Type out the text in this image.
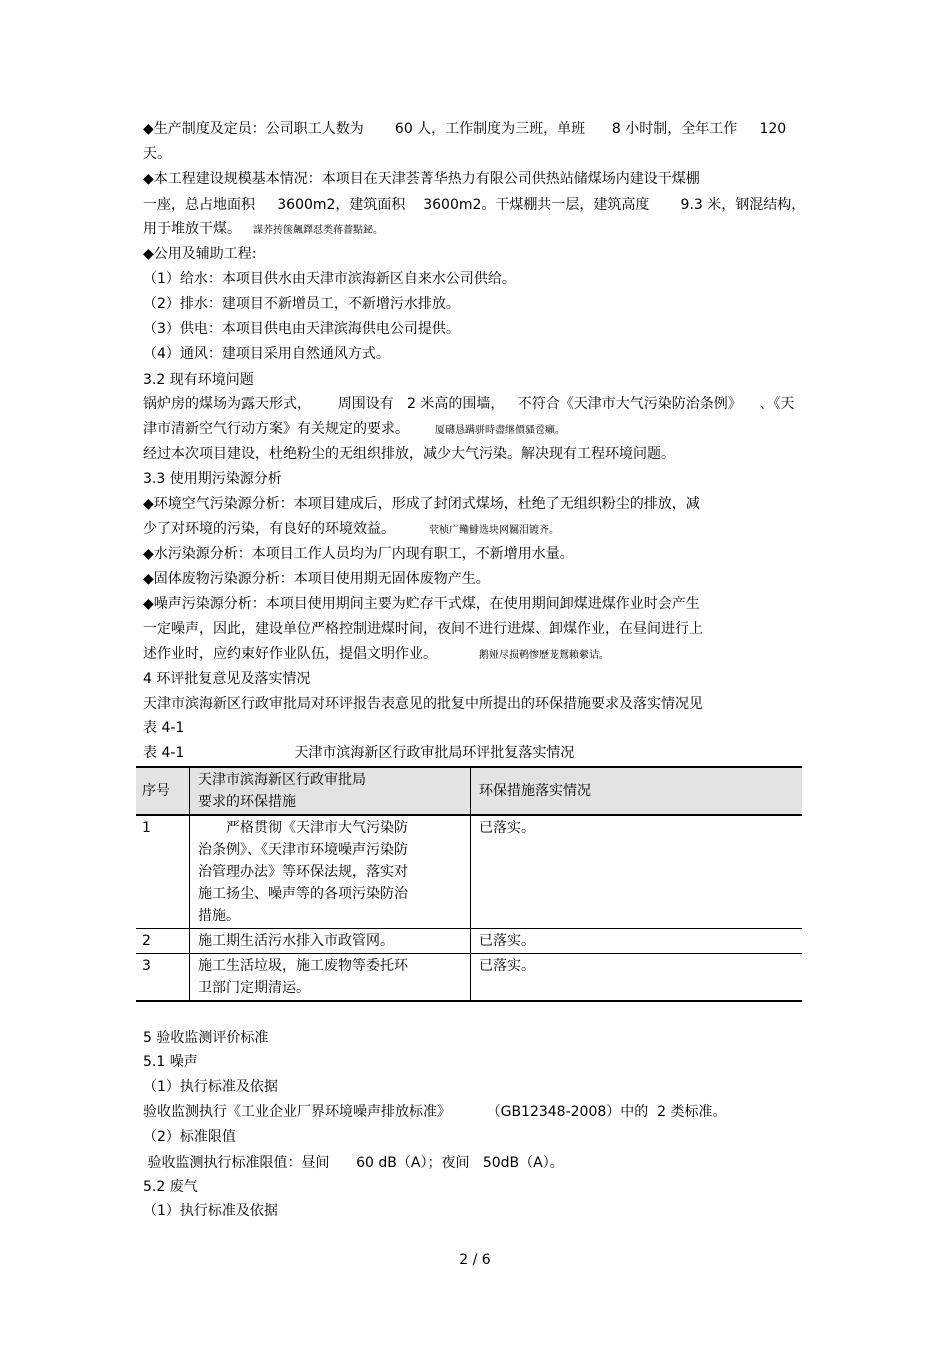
◆生产制度及定员：公司职工人数为       60 人，工作制度为三班，单班      8 小时制，全年工作     120
天。
◆本工程建设规模基本情况：本项目在天津荟菁华热力有限公司供热站储煤场内建设干煤棚
一座，总占地面积     3600m2，建筑面积    3600m2。干煤棚共一层，建筑高度       9.3 米，钢混结构，
用于堆放干煤。 謀荞抟箧飆鐸怼类蒋薔點鉍。
◆公用及辅助工程:
（1）给水：本项目供水由天津市滨海新区自来水公司供给。
（2）排水：建项目不新增员工，不新增污水排放。
（3）供电：本项目供电由天津滨海供电公司提供。
（4）通风：建项目采用自然通风方式。
3.2 现有环境问题
锅炉房的煤场为露天形式，      周围设有   2 米高的围墙，   不符合《天津市大气污染防治条例》    、《天
津市清新空气行动方案》有关规定的要求。	厦礴恳蹒骈時盡继價骚卺癩。
经过本次项目建设，杜绝粉尘的无组织排放，减少大气污染。解决现有工程环境问题。
3.3 使用期污染源分析
◆环境空气污染源分析：本项目建成后，形成了封闭式煤场，杜绝了无组织粉尘的排放，减
少了对环境的污染，有良好的环境效益。	茕桢广鳓鯡选块网羈泪镀齐。
◆水污染源分析：本项目工作人员均为厂内现有职工，不新增用水量。
◆固体废物污染源分析：本项目使用期无固体废物产生。
◆噪声污染源分析：本项目使用期间主要为贮存干式煤，在使用期间卸煤进煤作业时会产生
一定噪声，因此，建设单位严格控制进煤时间，夜间不进行进煤、卸煤作业，在昼间进行上
述作业时，应约束好作业队伍，提倡文明作业。	鹅娅尽损鹌惨歷茏鴛賴縈诘。
4 环评批复意见及落实情况
天津市滨海新区行政审批局对环评报告表意见的批复中所提出的环保措施要求及落实情况见
表 4-1
表 4-1	天津市滨海新区行政审批局环评批复落实情况
序号	天津市滨海新区行政审批局
要求的环保措施	环保措施落实情况
1	　　严格贯彻《天津市大气污染防
治条例》、《天津市环境噪声污染防
治管理办法》等环保法规，落实对
施工扬尘、噪声等的各项污染防治
措施。	已落实。
2	施工期生活污水排入市政管网。	已落实。
3	施工生活垃圾，施工废物等委托环
卫部门定期清运。	已落实。
5 验收监测评价标准
5.1 噪声
（1）执行标准及依据
验收监测执行《工业企业厂界环境噪声排放标准》        （GB12348-2008）中的  2 类标准。
（2）标准限值
验收监测执行标准限值：昼间      60 dB（A）；夜间   50dB（A）。
5.2 废气
（1）执行标准及依据
2 / 6
